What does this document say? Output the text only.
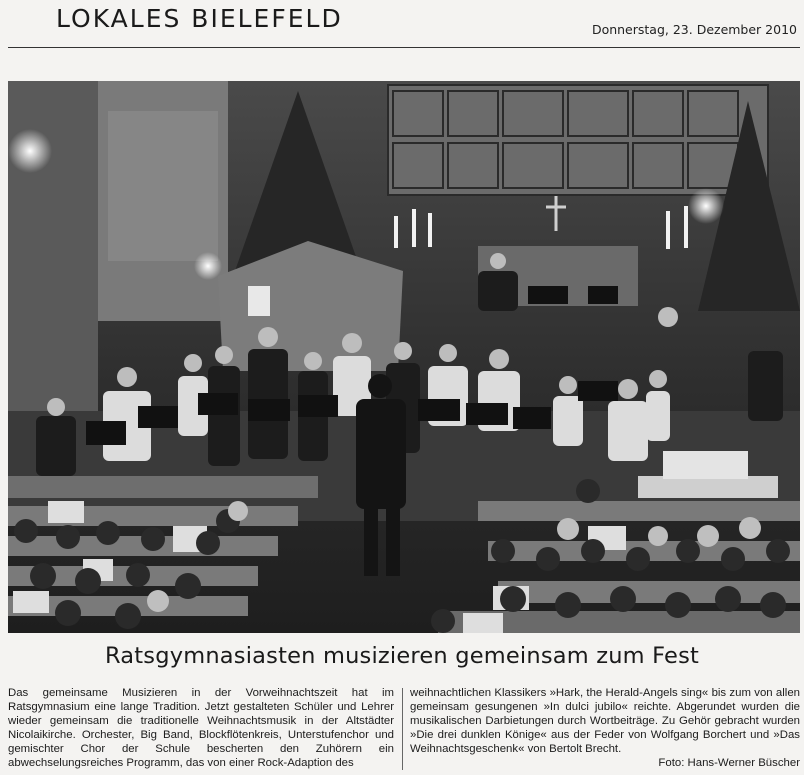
LOKALES BIELEFELD	Donnerstag, 23. Dezember 2010
Ratsgymnasiasten musizieren gemeinsam zum Fest

Das gemeinsame Musizieren in der Vorweihnachtszeit hat im Ratsgymnasium eine lange Tradition. Jetzt gestalteten Schüler und Lehrer wieder gemeinsam die traditionelle Weihnachtsmusik in der Altstädter Nicolaikirche. Orchester, Big Band, Blockflötenkreis, Unterstufenchor und gemischter Chor der Schule bescherten den Zuhörern ein abwechselungsreiches Programm, das von einer Rock-Adaption des

weihnachtlichen Klassikers »Hark, the Herald-Angels sing« bis zum von allen gemeinsam gesungenen »In dulci jubilo« reichte. Abgerundet wurden die musikalischen Darbietungen durch Wortbeiträge. Zu Gehör gebracht wurden »Die drei dunklen Könige« aus der Feder von Wolfgang Borchert und »Das Weihnachtsgeschenk« von Bertolt Brecht.

Foto: Hans-Werner Büscher
